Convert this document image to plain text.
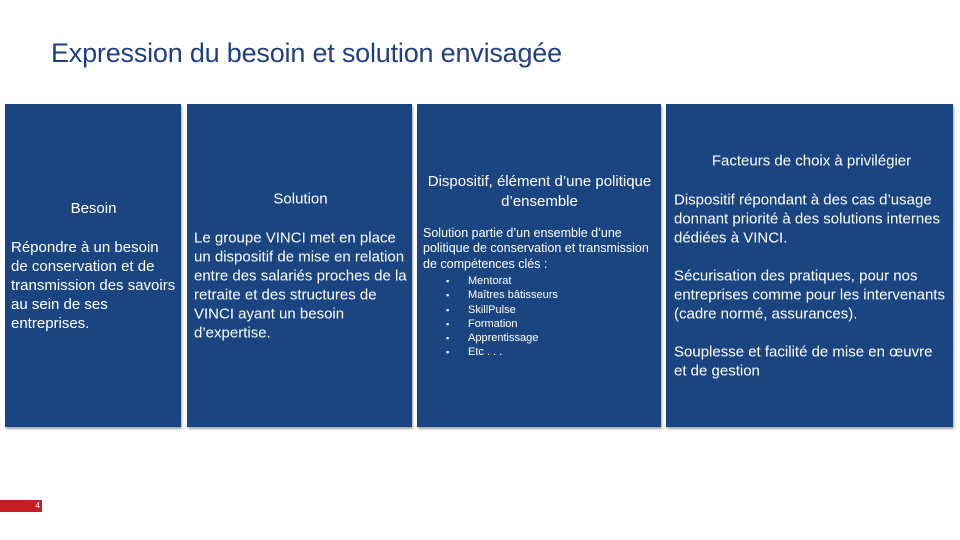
Expression du besoin et solution envisagée
Besoin
Répondre à un besoin de conservation et de transmission des savoirs au sein de ses entreprises.
Solution
Le groupe VINCI met en place un dispositif de mise en relation entre des salariés proches de la retraite et des structures de VINCI ayant un besoin d’expertise.
Dispositif, élément d’une politique d’ensemble
Solution partie d’un ensemble d’une politique de conservation et transmission de compétences clés :
▪ Mentorat
▪ Maîtres bâtisseurs
▪ SkillPulse
▪ Formation
▪ Apprentissage
▪ Etc . . .
Facteurs de choix à privilégier
Dispositif répondant à des cas d’usage donnant priorité à des solutions internes dédiées à VINCI.
Sécurisation des pratiques, pour nos entreprises comme pour les intervenants (cadre normé, assurances).
Souplesse et facilité de mise en œuvre et de gestion
4
